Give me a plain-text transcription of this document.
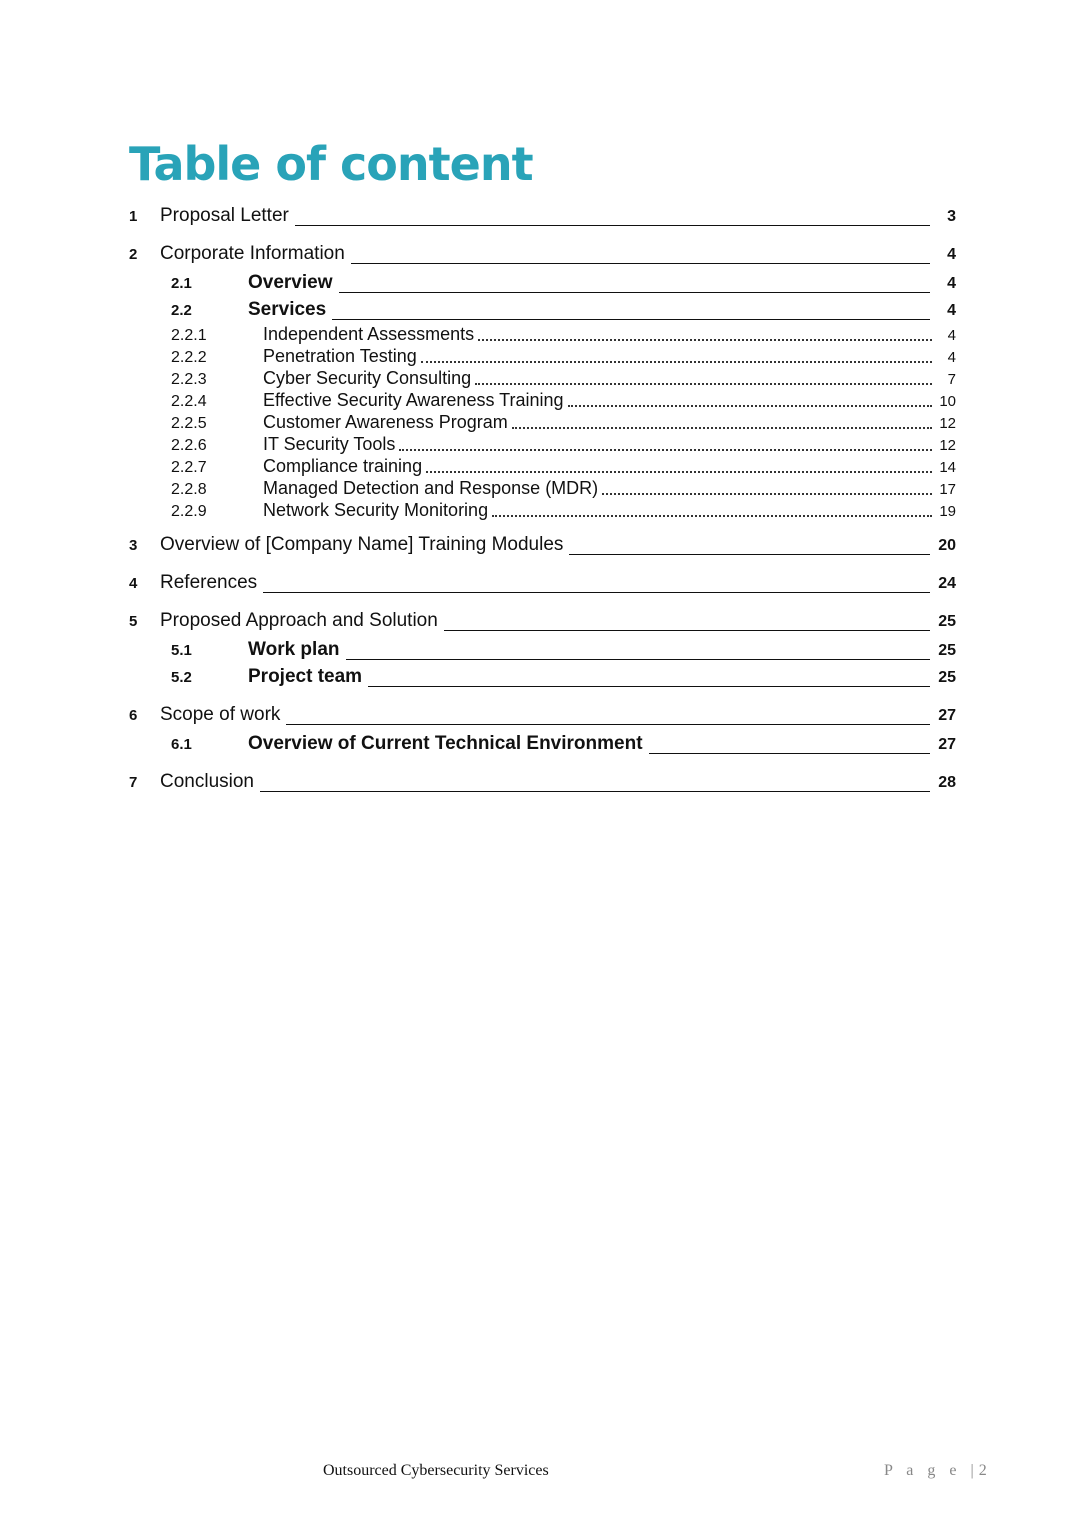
Table of content
1	Proposal Letter	3
2	Corporate Information	4
2.1	Overview	4
2.2	Services	4
2.2.1	Independent Assessments	4
2.2.2	Penetration Testing	4
2.2.3	Cyber Security Consulting	7
2.2.4	Effective Security Awareness Training	10
2.2.5	Customer Awareness Program	12
2.2.6	IT Security Tools	12
2.2.7	Compliance training	14
2.2.8	Managed Detection and Response (MDR)	17
2.2.9	Network Security Monitoring	19
3	Overview of [Company Name] Training Modules	20
4	References	24
5	Proposed Approach and Solution	25
5.1	Work plan	25
5.2	Project team	25
6	Scope of work	27
6.1	Overview of Current Technical Environment	27
7	Conclusion	28
Outsourced Cybersecurity Services	P a g e |2
